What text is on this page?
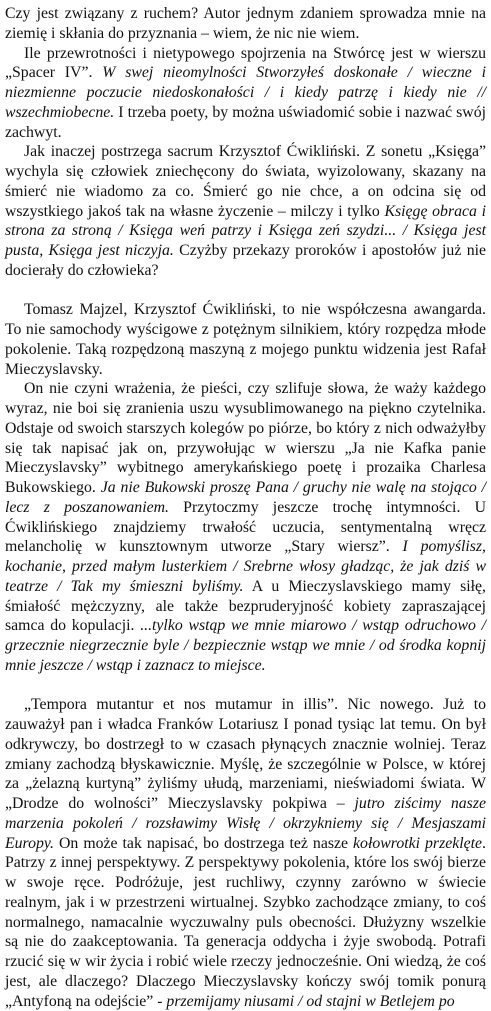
Czy jest związany z ruchem? Autor jednym zdaniem sprowadza mnie na ziemię i skłania do przyznania – wiem, że nic nie wiem.

Ile przewrotności i nietypowego spojrzenia na Stwórcę jest w wierszu „Spacer IV”. W swej nieomylności Stworzyłeś doskonałe / wieczne i niezmienne poczucie niedoskonałości / i kiedy patrzę i kiedy nie // wszechmiobecne. I trzeba poety, by można uświadomić sobie i nazwać swój zachwyt.

Jak inaczej postrzega sacrum Krzysztof Ćwikliński. Z sonetu „Księga” wychyla się człowiek zniechęcony do świata, wyizolowany, skazany na śmierć nie wiadomo za co. Śmierć go nie chce, a on odcina się od wszystkiego jakoś tak na własne życzenie – milczy i tylko Księgę obraca i strona za stroną / Księga weń patrzy i Księga zeń szydzi... / Księga jest pusta, Księga jest niczyja. Czyżby przekazy proroków i apostołów już nie docierały do człowieka?

Tomasz Majzel, Krzysztof Ćwikliński, to nie współczesna awangarda. To nie samochody wyścigowe z potężnym silnikiem, który rozpędza młode pokolenie. Taką rozpędzoną maszyną z mojego punktu widzenia jest Rafał Mieczyslavsky.

On nie czyni wrażenia, że pieści, czy szlifuje słowa, że waży każdego wyraz, nie boi się zranienia uszu wysublimowanego na piękno czytelnika. Odstaje od swoich starszych kolegów po piórze, bo który z nich odważyłby się tak napisać jak on, przywołując w wierszu „Ja nie Kafka panie Mieczyslavsky” wybitnego amerykańskiego poetę i prozaika Charlesa Bukowskiego. Ja nie Bukowski proszę Pana / gruchy nie walę na stojąco / lecz z poszanowaniem. Przytoczmy jeszcze trochę intymności. U Ćwiklińskiego znajdziemy trwałość uczucia, sentymentalną wręcz melancholię w kunsztownym utworze „Stary wiersz”. I pomyślisz, kochanie, przed małym lusterkiem / Srebrne włosy gładząc, że jak dziś w teatrze / Tak my śmieszni byliśmy. A u Mieczyslavskiego mamy siłę, śmiałość mężczyzny, ale także bezpruderyjność kobiety zapraszającej samca do kopulacji. ...tylko wstąp we mnie miarowo / wstąp odruchowo / grzecznie niegrzecznie byle / bezpiecznie wstąp we mnie / od środka kopnij mnie jeszcze / wstąp i zaznacz to miejsce.

„Tempora mutantur et nos mutamur in illis”. Nic nowego. Już to zauważył pan i władca Franków Lotariusz I ponad tysiąc lat temu. On był odkrywczy, bo dostrzegł to w czasach płynących znacznie wolniej. Teraz zmiany zachodzą błyskawicznie. Myślę, że szczególnie w Polsce, w której za „żelazną kurtyną” żyliśmy ułudą, marzeniami, nieświadomi świata. W „Drodze do wolności” Mieczyslavsky pokpiwa – jutro ziścimy nasze marzenia pokoleń / rozsławimy Wisłę / okrzykniemy się / Mesjaszami Europy. On może tak napisać, bo dostrzega też nasze kołowrotki przeklęte. Patrzy z innej perspektywy. Z perspektywy pokolenia, które los swój bierze w swoje ręce. Podróżuje, jest ruchliwy, czynny zarówno w świecie realnym, jak i w przestrzeni wirtualnej. Szybko zachodzące zmiany, to coś normalnego, namacalnie wyczuwalny puls obecności. Dłużyzny wszelkie są nie do zaakceptowania. Ta generacja oddycha i żyje swobodą. Potrafi rzucić się w wir życia i robić wiele rzeczy jednocześnie. Oni wiedzą, że coś jest, ale dlaczego? Dlaczego Mieczyslavsky kończy swój tomik ponurą „Antyfoną na odejście” - przemijamy niusami / od stajni w Betlejem po
